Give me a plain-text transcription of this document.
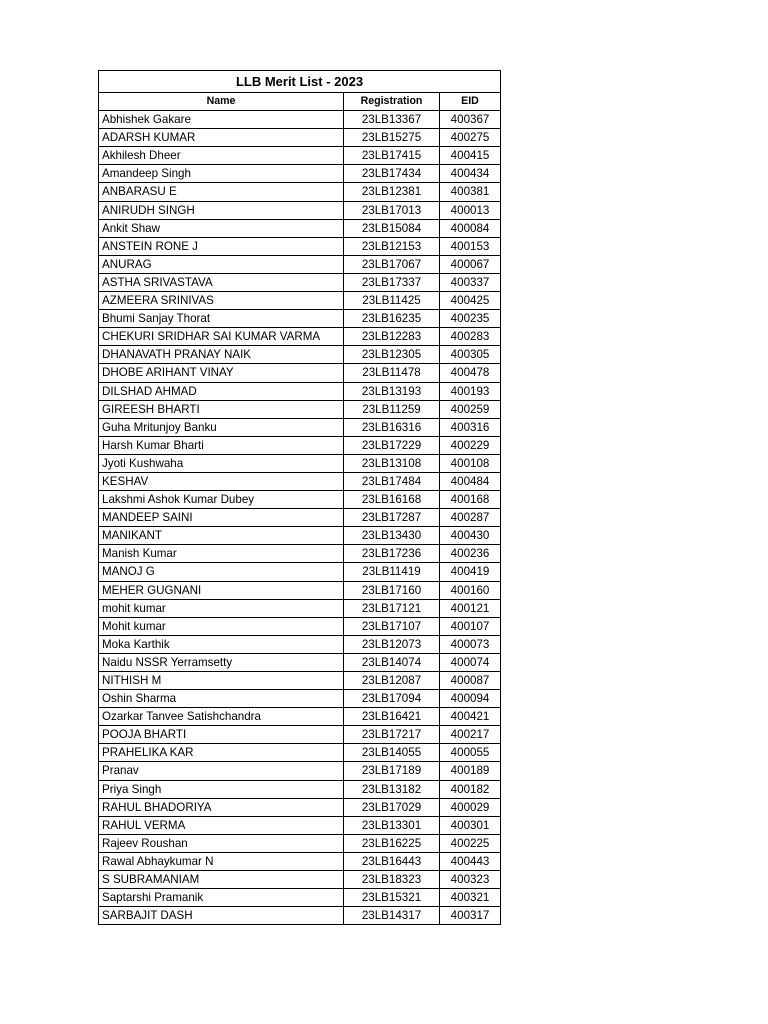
LLB Merit List - 2023		
Name	Registration	EID
Abhishek Gakare	23LB13367	400367
ADARSH KUMAR	23LB15275	400275
Akhilesh Dheer	23LB17415	400415
Amandeep Singh	23LB17434	400434
ANBARASU E	23LB12381	400381
ANIRUDH SINGH	23LB17013	400013
Ankit Shaw	23LB15084	400084
ANSTEIN RONE J	23LB12153	400153
ANURAG	23LB17067	400067
ASTHA SRIVASTAVA	23LB17337	400337
AZMEERA SRINIVAS	23LB11425	400425
Bhumi Sanjay Thorat	23LB16235	400235
CHEKURI SRIDHAR SAI KUMAR VARMA	23LB12283	400283
DHANAVATH PRANAY NAIK	23LB12305	400305
DHOBE ARIHANT VINAY	23LB11478	400478
DILSHAD AHMAD	23LB13193	400193
GIREESH BHARTI	23LB11259	400259
Guha Mritunjoy Banku	23LB16316	400316
Harsh Kumar Bharti	23LB17229	400229
Jyoti Kushwaha	23LB13108	400108
KESHAV	23LB17484	400484
Lakshmi Ashok Kumar Dubey	23LB16168	400168
MANDEEP SAINI	23LB17287	400287
MANIKANT	23LB13430	400430
Manish Kumar	23LB17236	400236
MANOJ G	23LB11419	400419
MEHER GUGNANI	23LB17160	400160
mohit kumar	23LB17121	400121
Mohit kumar	23LB17107	400107
Moka Karthik	23LB12073	400073
Naidu NSSR Yerramsetty	23LB14074	400074
NITHISH M	23LB12087	400087
Oshin Sharma	23LB17094	400094
Ozarkar Tanvee Satishchandra	23LB16421	400421
POOJA BHARTI	23LB17217	400217
PRAHELIKA KAR	23LB14055	400055
Pranav	23LB17189	400189
Priya Singh	23LB13182	400182
RAHUL BHADORIYA	23LB17029	400029
RAHUL VERMA	23LB13301	400301
Rajeev Roushan	23LB16225	400225
Rawal Abhaykumar N	23LB16443	400443
S SUBRAMANIAM	23LB18323	400323
Saptarshi Pramanik	23LB15321	400321
SARBAJIT DASH	23LB14317	400317
